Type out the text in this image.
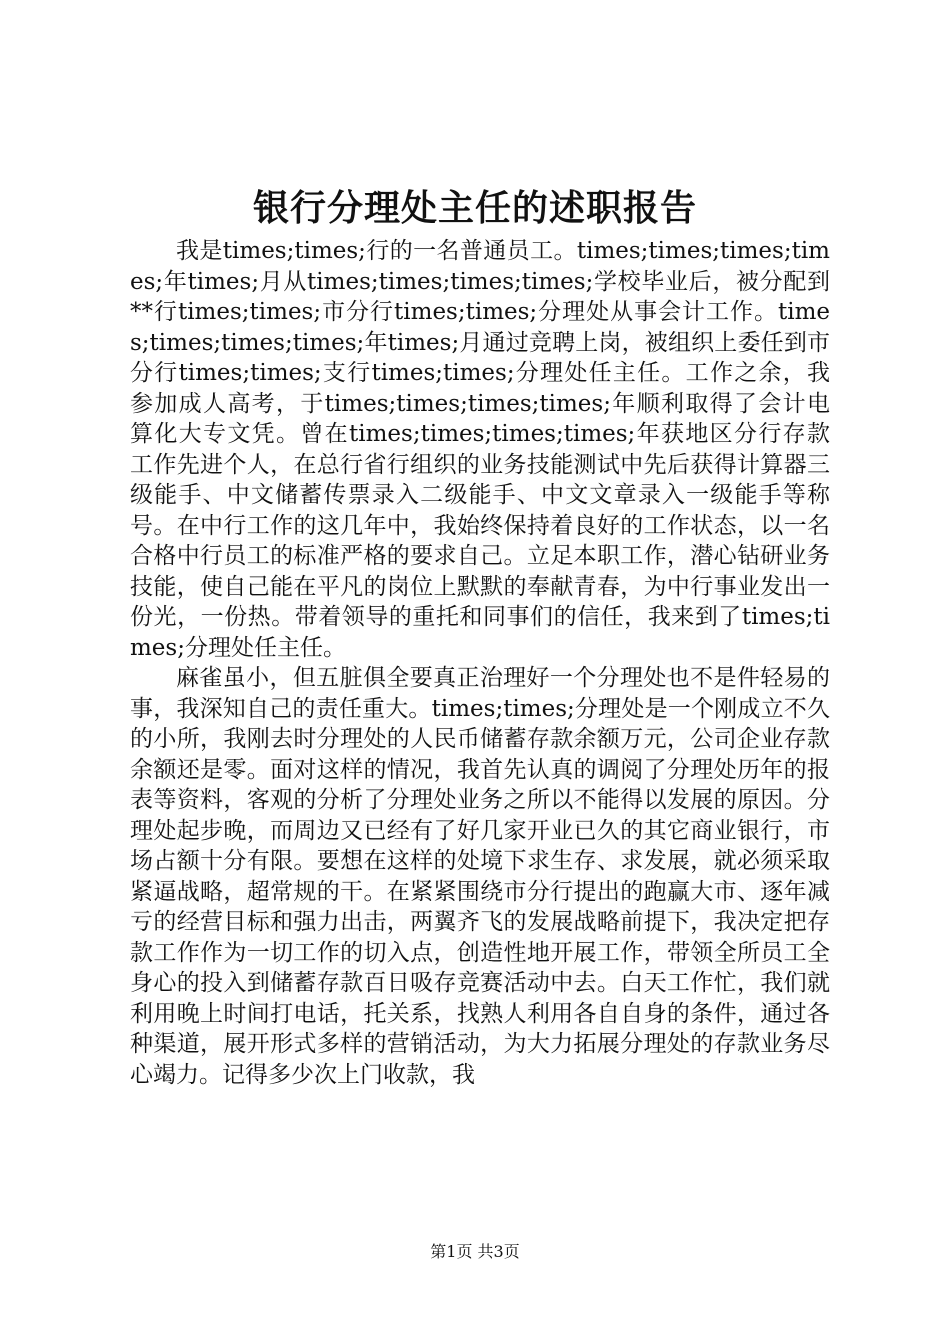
银行分理处主任的述职报告

我是times;times;行的一名普通员工。times;times;times;times;年times;月从times;times;times;times;学校毕业后，被分配到**行times;times;市分行times;times;分理处从事会计工作。times;times;times;times;年times;月通过竞聘上岗，被组织上委任到市分行times;times;支行times;times;分理处任主任。工作之余，我参加成人高考，于times;times;times;times;年顺利取得了会计电算化大专文凭。曾在times;times;times;times;年获地区分行存款工作先进个人，在总行省行组织的业务技能测试中先后获得计算器三级能手、中文储蓄传票录入二级能手、中文文章录入一级能手等称号。在中行工作的这几年中，我始终保持着良好的工作状态，以一名合格中行员工的标准严格的要求自己。立足本职工作，潜心钻研业务技能，使自己能在平凡的岗位上默默的奉献青春，为中行事业发出一份光，一份热。带着领导的重托和同事们的信任，我来到了times;times;分理处任主任。

麻雀虽小，但五脏俱全要真正治理好一个分理处也不是件轻易的事，我深知自己的责任重大。times;times;分理处是一个刚成立不久的小所，我刚去时分理处的人民币储蓄存款余额万元，公司企业存款余额还是零。面对这样的情况，我首先认真的调阅了分理处历年的报表等资料，客观的分析了分理处业务之所以不能得以发展的原因。分理处起步晚，而周边又已经有了好几家开业已久的其它商业银行，市场占额十分有限。要想在这样的处境下求生存、求发展，就必须采取紧逼战略，超常规的干。在紧紧围绕市分行提出的跑赢大市、逐年减亏的经营目标和强力出击，两翼齐飞的发展战略前提下，我决定把存款工作作为一切工作的切入点，创造性地开展工作，带领全所员工全身心的投入到储蓄存款百日吸存竞赛活动中去。白天工作忙，我们就利用晚上时间打电话，托关系，找熟人利用各自自身的条件，通过各种渠道，展开形式多样的营销活动，为大力拓展分理处的存款业务尽心竭力。记得多少次上门收款，我

第1页 共3页
